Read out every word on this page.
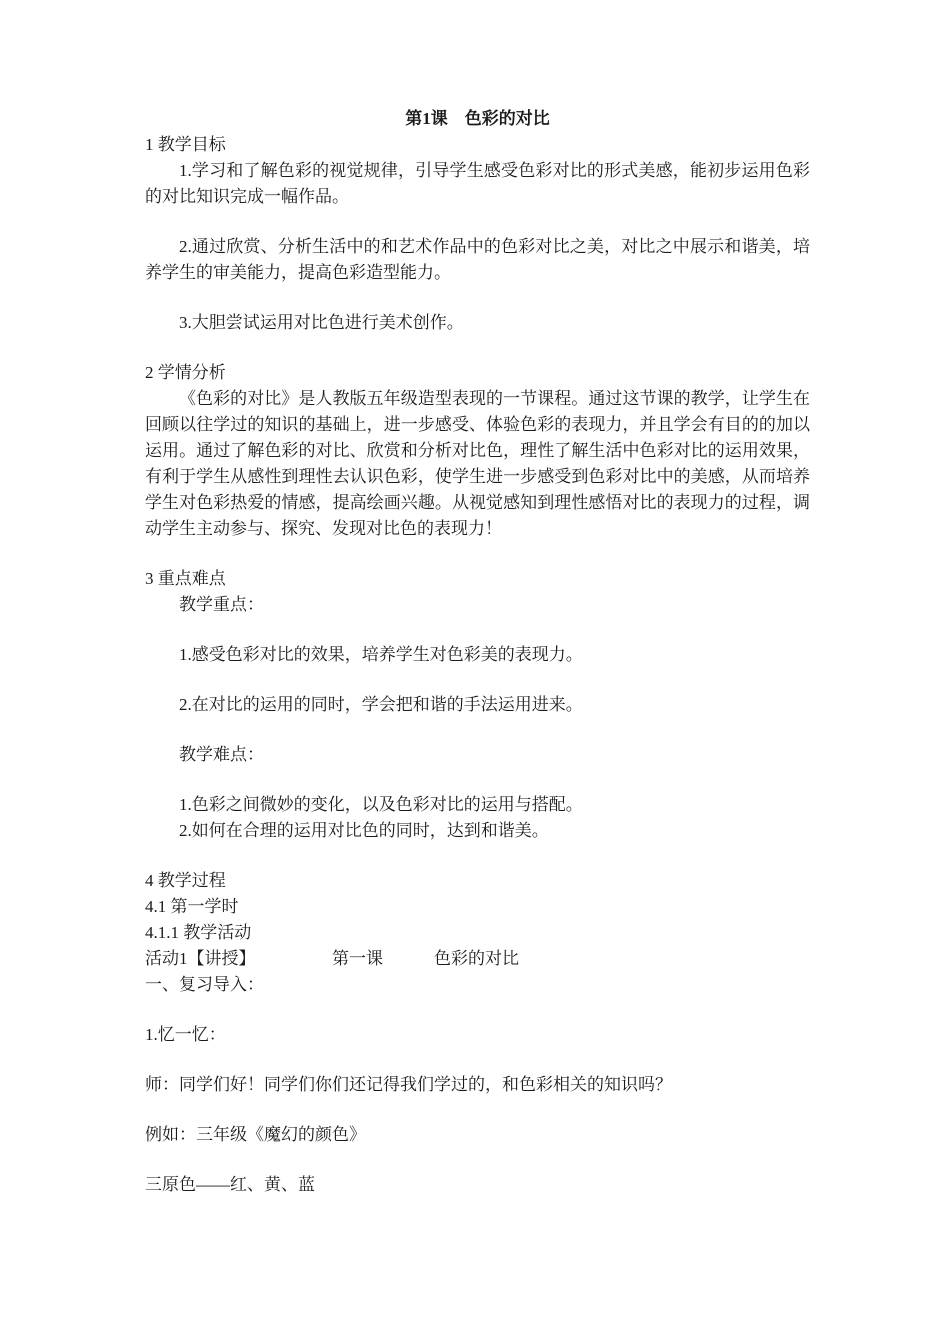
第1课　色彩的对比

1 教学目标

1.学习和了解色彩的视觉规律，引导学生感受色彩对比的形式美感，能初步运用色彩的对比知识完成一幅作品。

2.通过欣赏、分析生活中的和艺术作品中的色彩对比之美，对比之中展示和谐美，培养学生的审美能力，提高色彩造型能力。

3.大胆尝试运用对比色进行美术创作。

2 学情分析

《色彩的对比》是人教版五年级造型表现的一节课程。通过这节课的教学，让学生在回顾以往学过的知识的基础上，进一步感受、体验色彩的表现力，并且学会有目的的加以运用。通过了解色彩的对比、欣赏和分析对比色，理性了解生活中色彩对比的运用效果，有利于学生从感性到理性去认识色彩，使学生进一步感受到色彩对比中的美感，从而培养学生对色彩热爱的情感，提高绘画兴趣。从视觉感知到理性感悟对比的表现力的过程，调动学生主动参与、探究、发现对比色的表现力！

3 重点难点

教学重点：

1.感受色彩对比的效果，培养学生对色彩美的表现力。

2.在对比的运用的同时，学会把和谐的手法运用进来。

教学难点：

1.色彩之间微妙的变化，以及色彩对比的运用与搭配。

2.如何在合理的运用对比色的同时，达到和谐美。

4 教学过程

4.1 第一学时

4.1.1 教学活动

活动1【讲授】　　　　　第一课　　　色彩的对比

一、复习导入：

1.忆一忆：

师：同学们好！同学们你们还记得我们学过的，和色彩相关的知识吗？

例如：三年级《魔幻的颜色》

三原色——红、黄、蓝
